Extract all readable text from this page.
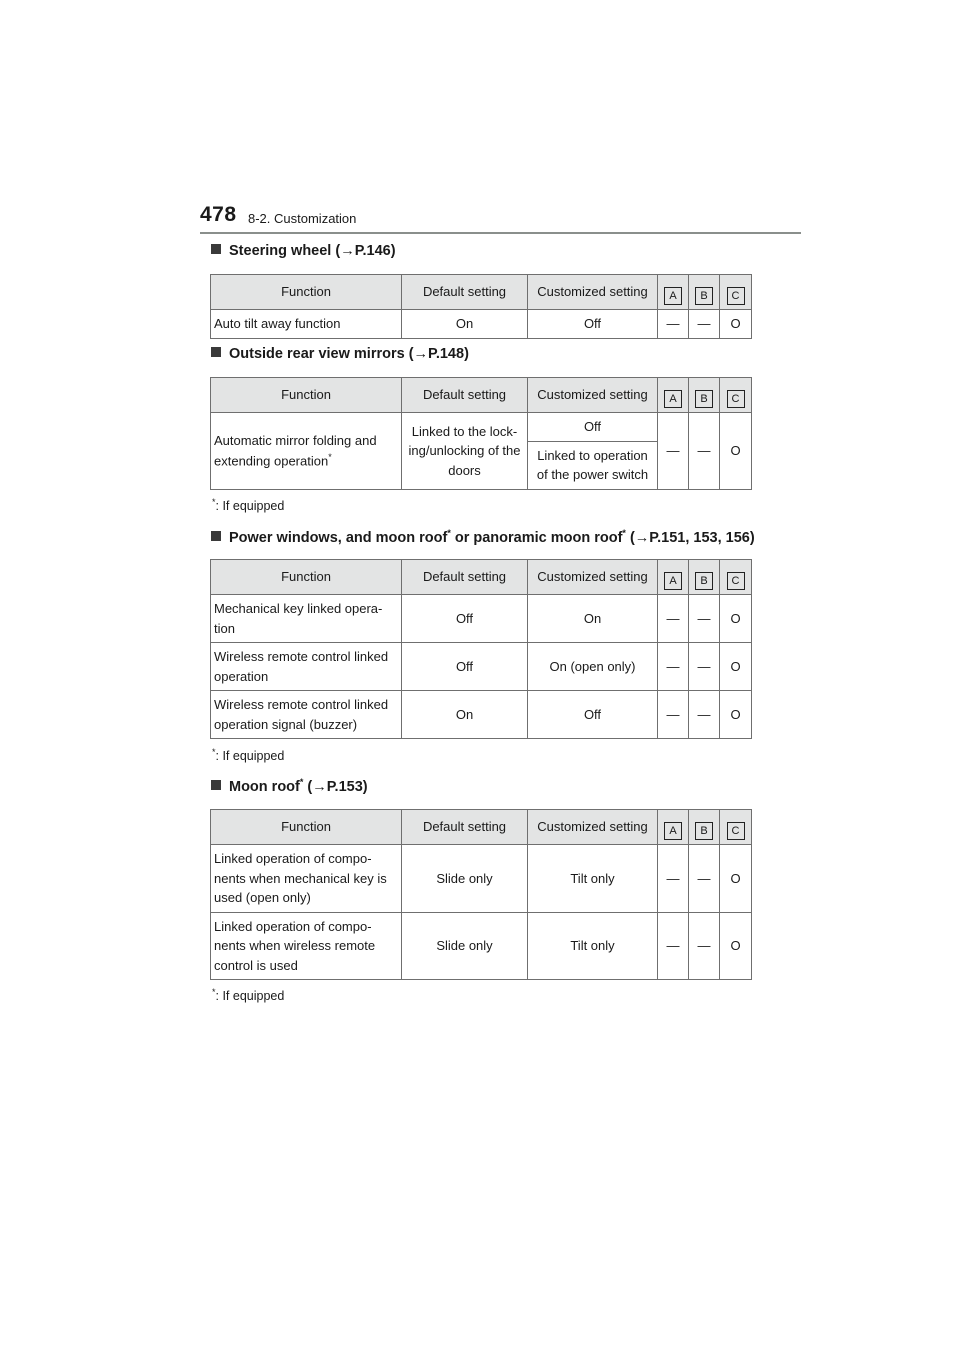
478 8-2. Customization
Steering wheel (→P.146)
Function	Default setting	Customized setting	A	B	C
Auto tilt away function	On	Off	—	—	O
Outside rear view mirrors (→P.148)
Function	Default setting	Customized setting	A	B	C
Automatic mirror folding and extending operation*	Linked to the lock-ing/unlocking of the doors	Off	—	—	O
		Linked to operation of the power switch			
*: If equipped
Power windows, and moon roof* or panoramic moon roof* (→P.151, 153, 156)
Function	Default setting	Customized setting	A	B	C
Mechanical key linked opera-tion	Off	On	—	—	O
Wireless remote control linked operation	Off	On (open only)	—	—	O
Wireless remote control linked operation signal (buzzer)	On	Off	—	—	O
*: If equipped
Moon roof* (→P.153)
Function	Default setting	Customized setting	A	B	C
Linked operation of compo-nents when mechanical key is used (open only)	Slide only	Tilt only	—	—	O
Linked operation of compo-nents when wireless remote control is used	Slide only	Tilt only	—	—	O
*: If equipped
